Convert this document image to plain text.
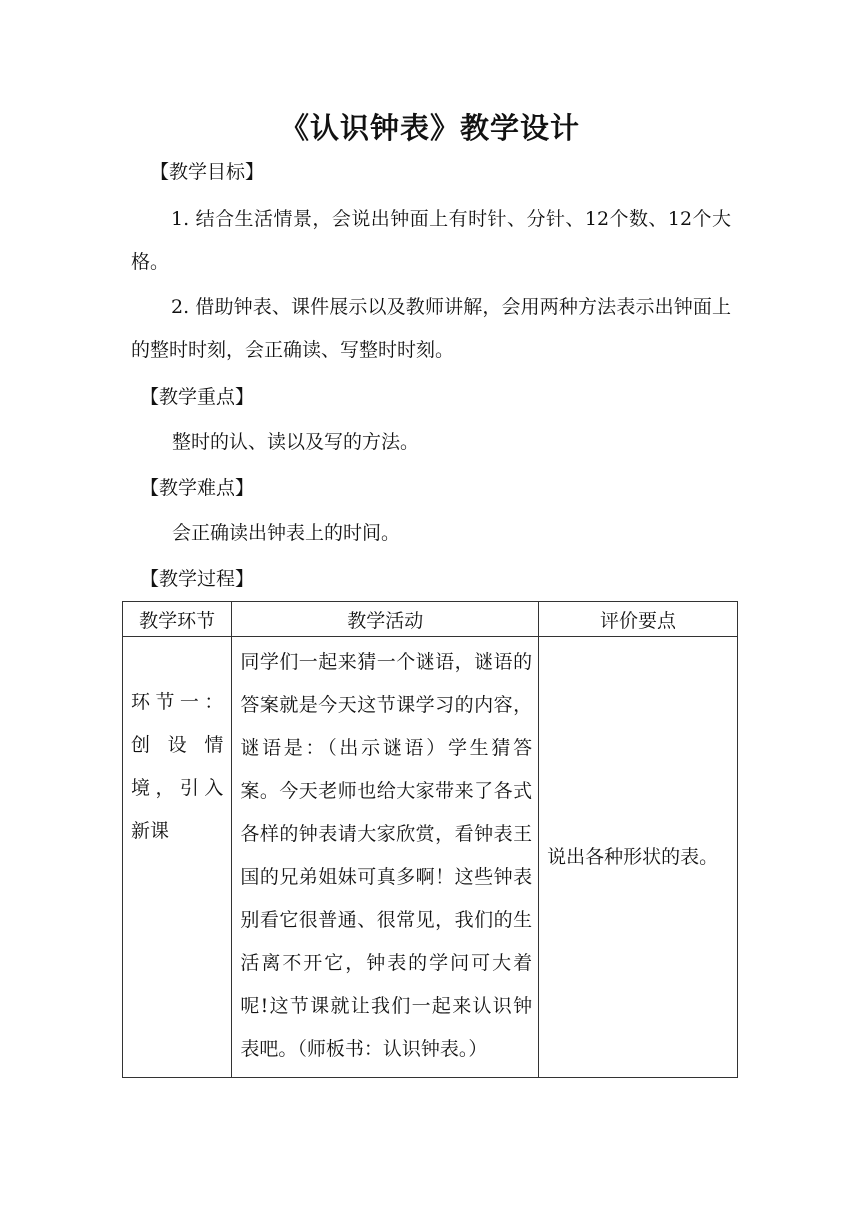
《认识钟表》教学设计
【教学目标】
1. 结合生活情景，会说出钟面上有时针、分针、12个数、12个大格。
2. 借助钟表、课件展示以及教师讲解，会用两种方法表示出钟面上的整时时刻，会正确读、写整时时刻。
【教学重点】
整时的认、读以及写的方法。
【教学难点】
会正确读出钟表上的时间。
【教学过程】
教学环节	教学活动	评价要点
环节一：创设情境，引入新课	同学们一起来猜一个谜语，谜语的答案就是今天这节课学习的内容，谜语是：（出示谜语）学生猜答案。今天老师也给大家带来了各式各样的钟表请大家欣赏，看钟表王国的兄弟姐妹可真多啊！这些钟表别看它很普通、很常见，我们的生活离不开它，钟表的学问可大着呢!这节课就让我们一起来认识钟表吧。（师板书：认识钟表。）	说出各种形状的表。
